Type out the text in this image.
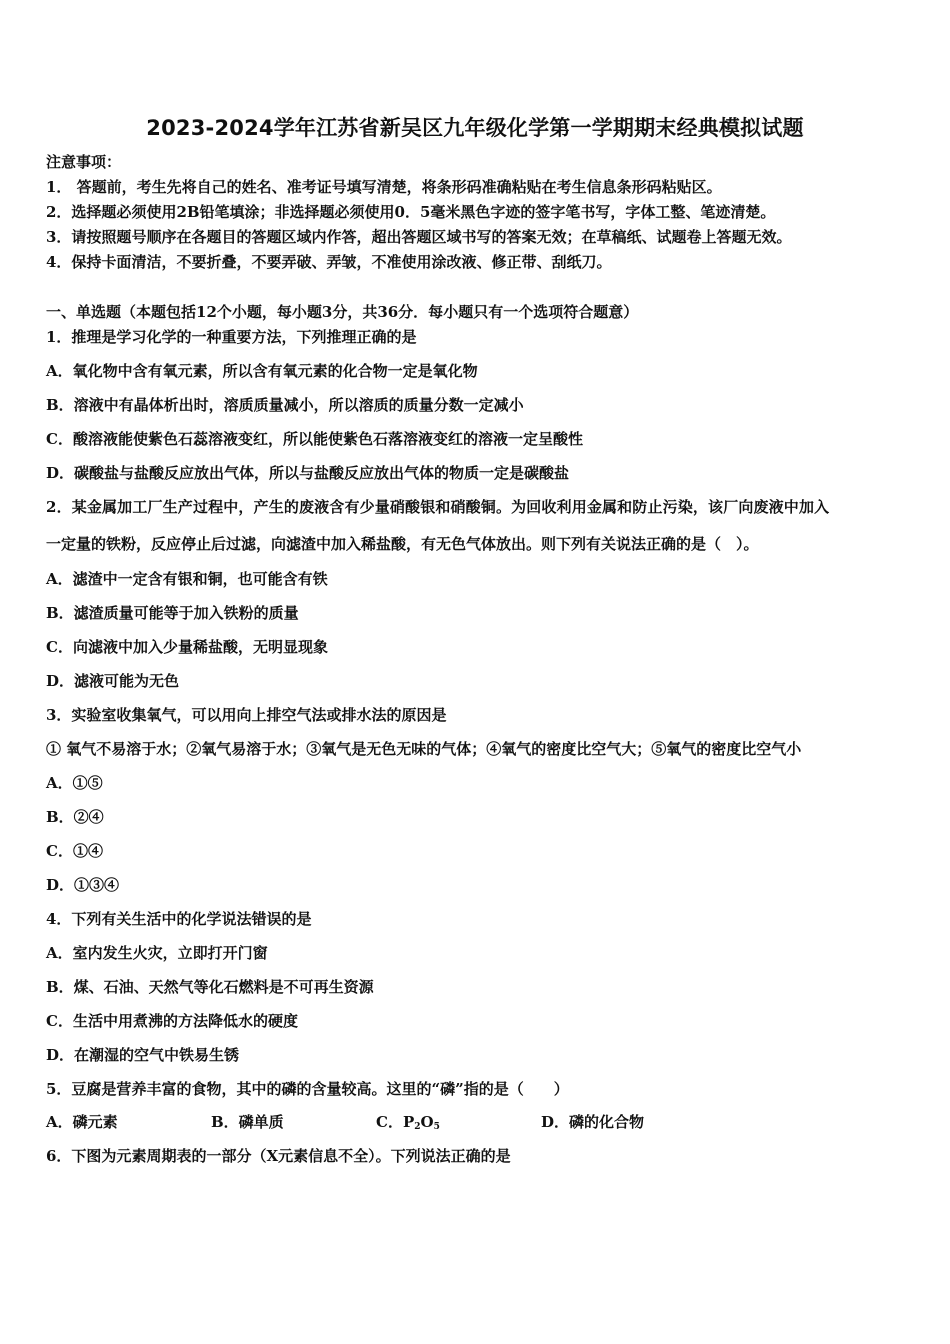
2023-2024学年江苏省新吴区九年级化学第一学期期末经典模拟试题
注意事项：
1． 答题前，考生先将自己的姓名、准考证号填写清楚，将条形码准确粘贴在考生信息条形码粘贴区。
2．选择题必须使用2B铅笔填涂；非选择题必须使用0．5毫米黑色字迹的签字笔书写，字体工整、笔迹清楚。
3．请按照题号顺序在各题目的答题区域内作答，超出答题区域书写的答案无效；在草稿纸、试题卷上答题无效。
4．保持卡面清洁，不要折叠，不要弄破、弄皱，不准使用涂改液、修正带、刮纸刀。
一、单选题（本题包括12个小题，每小题3分，共36分．每小题只有一个选项符合题意）
1．推理是学习化学的一种重要方法，下列推理正确的是
A．氧化物中含有氧元素，所以含有氧元素的化合物一定是氧化物
B．溶液中有晶体析出时，溶质质量减小，所以溶质的质量分数一定减小
C．酸溶液能使紫色石蕊溶液变红，所以能使紫色石落溶液变红的溶液一定呈酸性
D．碳酸盐与盐酸反应放出气体，所以与盐酸反应放出气体的物质一定是碳酸盐
2．某金属加工厂生产过程中，产生的废液含有少量硝酸银和硝酸铜。为回收利用金属和防止污染，该厂向废液中加入
一定量的铁粉，反应停止后过滤，向滤渣中加入稀盐酸，有无色气体放出。则下列有关说法正确的是（　）。
A．滤渣中一定含有银和铜，也可能含有铁
B．滤渣质量可能等于加入铁粉的质量
C．向滤液中加入少量稀盐酸，无明显现象
D．滤液可能为无色
3．实验室收集氧气，可以用向上排空气法或排水法的原因是
① 氧气不易溶于水；②氧气易溶于水；③氧气是无色无味的气体；④氧气的密度比空气大；⑤氧气的密度比空气小
A．①⑤
B．②④
C．①④
D．①③④
4．下列有关生活中的化学说法错误的是
A．室内发生火灾，立即打开门窗
B．煤、石油、天然气等化石燃料是不可再生资源
C．生活中用煮沸的方法降低水的硬度
D．在潮湿的空气中铁易生锈
5．豆腐是营养丰富的食物，其中的磷的含量较高。这里的“磷”指的是（　　）
A．磷元素	B．磷单质	C．$P_2O_5$	D．磷的化合物
6．下图为元素周期表的一部分（X元素信息不全）。下列说法正确的是
